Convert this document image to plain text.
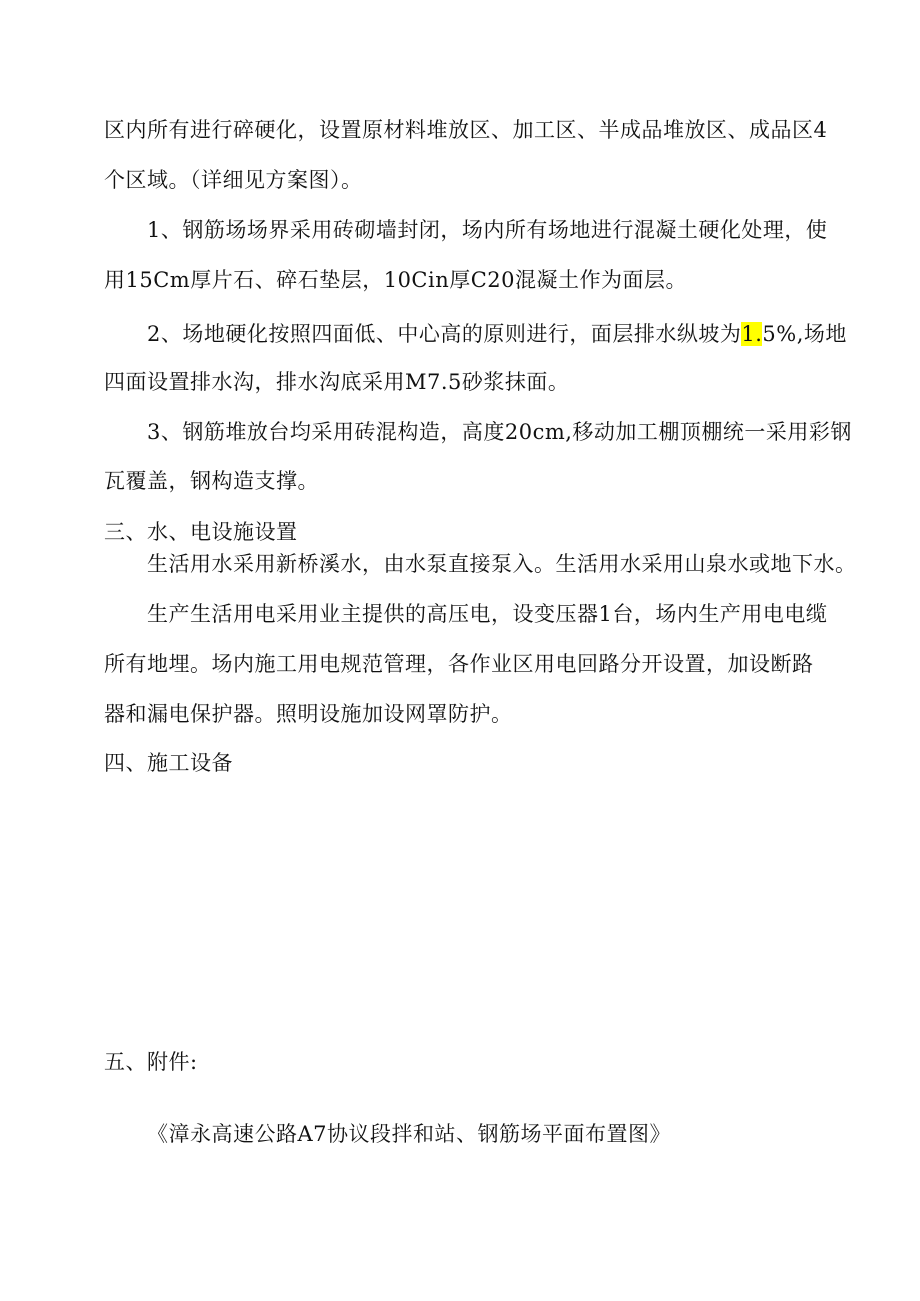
区内所有进行碎硬化，设置原材料堆放区、加工区、半成品堆放区、成品区4
个区域。（详细见方案图）。
1、钢筋场场界采用砖砌墙封闭，场内所有场地进行混凝土硬化处理，使
用15Cm厚片石、碎石垫层，10Cin厚C20混凝土作为面层。
2、场地硬化按照四面低、中心高的原则进行，面层排水纵坡为1.5%,场地
四面设置排水沟，排水沟底采用M7.5砂浆抹面。
3、钢筋堆放台均采用砖混构造，高度20cm,移动加工棚顶棚统一采用彩钢
瓦覆盖，钢构造支撑。
三、水、电设施设置
生活用水采用新桥溪水，由水泵直接泵入。生活用水采用山泉水或地下水。
生产生活用电采用业主提供的高压电，设变压器1台，场内生产用电电缆
所有地埋。场内施工用电规范管理，各作业区用电回路分开设置，加设断路
器和漏电保护器。照明设施加设网罩防护。
四、施工设备
五、附件:
《漳永高速公路A7协议段拌和站、钢筋场平面布置图》
